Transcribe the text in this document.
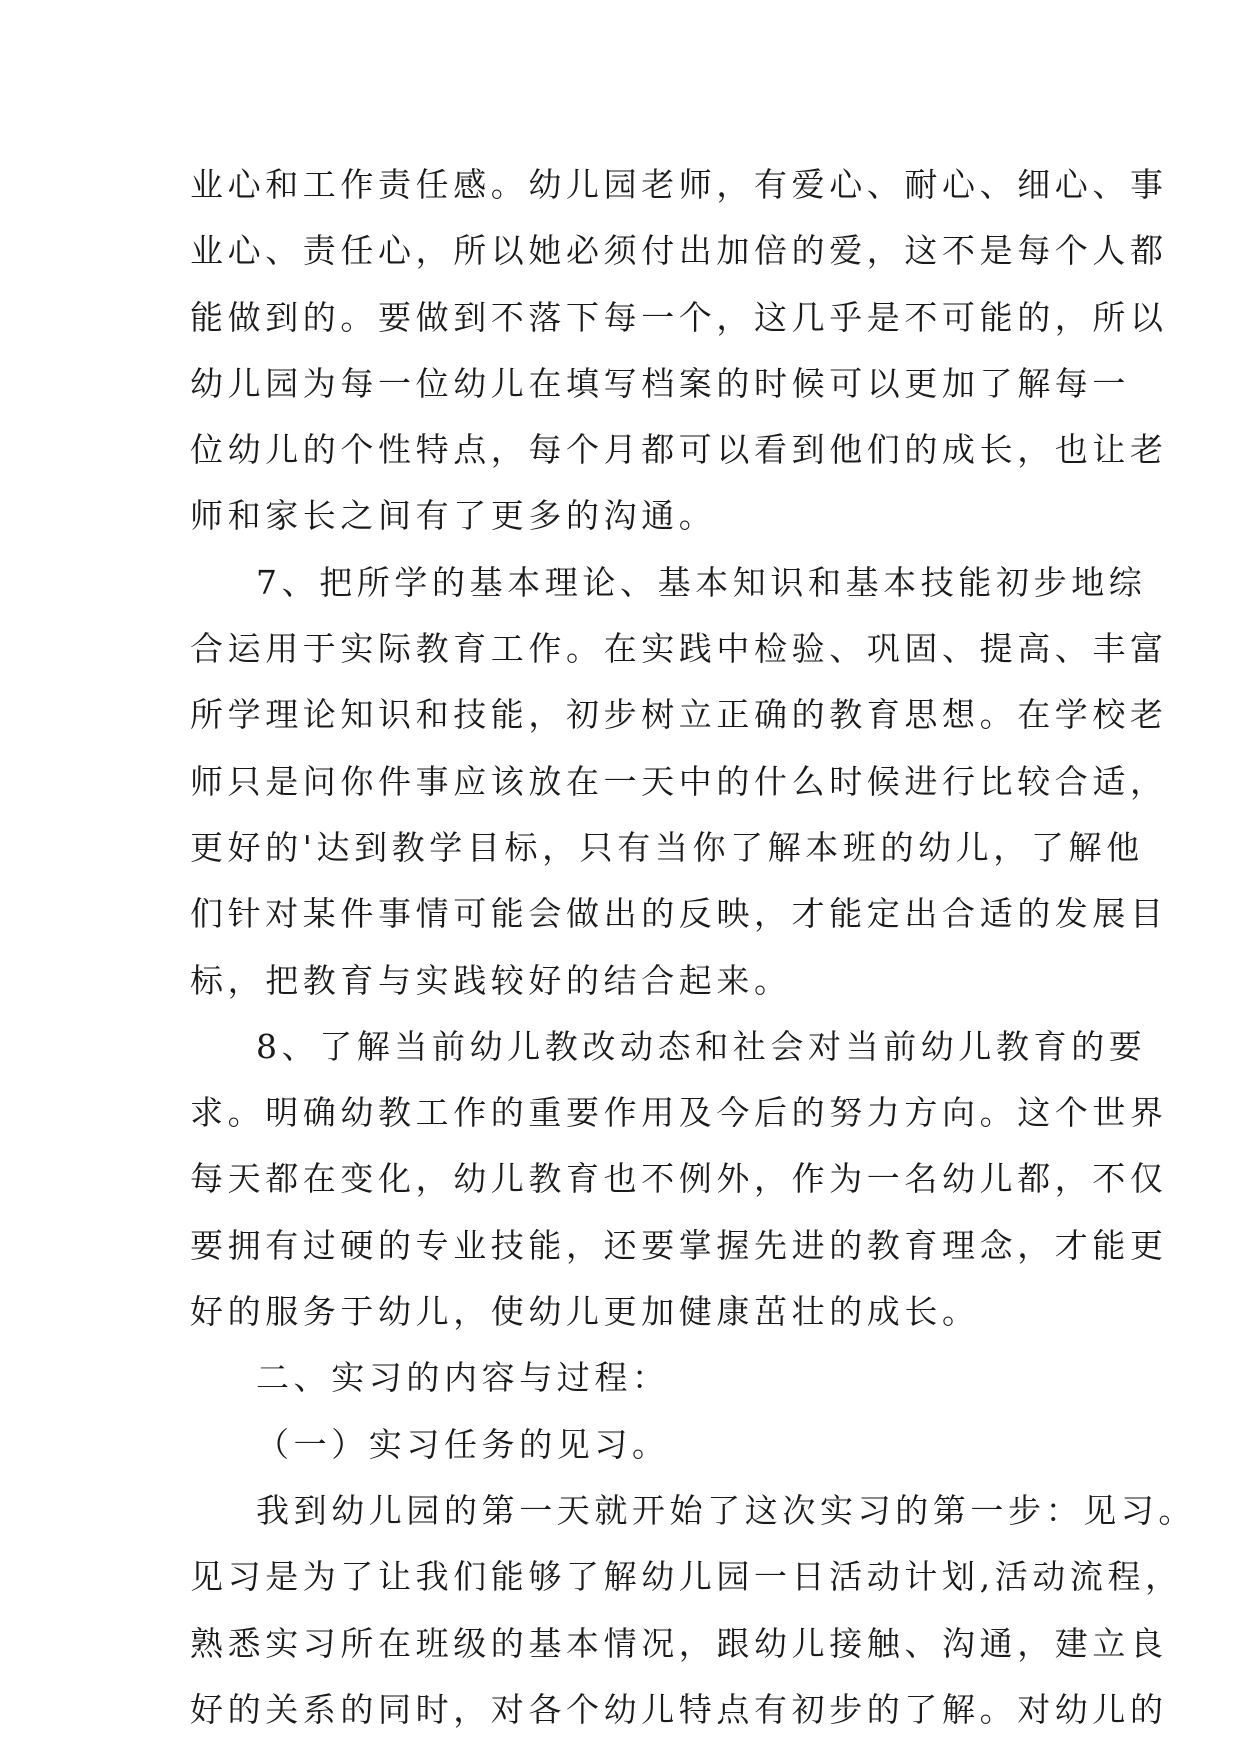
业心和工作责任感。幼儿园老师，有爱心、耐心、细心、事
业心、责任心，所以她必须付出加倍的爱，这不是每个人都
能做到的。要做到不落下每一个，这几乎是不可能的，所以
幼儿园为每一位幼儿在填写档案的时候可以更加了解每一
位幼儿的个性特点，每个月都可以看到他们的成长，也让老
师和家长之间有了更多的沟通。
7、把所学的基本理论、基本知识和基本技能初步地综
合运用于实际教育工作。在实践中检验、巩固、提高、丰富
所学理论知识和技能，初步树立正确的教育思想。在学校老
师只是问你件事应该放在一天中的什么时候进行比较合适，
更好的'达到教学目标，只有当你了解本班的幼儿，了解他
们针对某件事情可能会做出的反映，才能定出合适的发展目
标，把教育与实践较好的结合起来。
8、了解当前幼儿教改动态和社会对当前幼儿教育的要
求。明确幼教工作的重要作用及今后的努力方向。这个世界
每天都在变化，幼儿教育也不例外，作为一名幼儿都，不仅
要拥有过硬的专业技能，还要掌握先进的教育理念，才能更
好的服务于幼儿，使幼儿更加健康茁壮的成长。
二、实习的内容与过程：
（一）实习任务的见习。
我到幼儿园的第一天就开始了这次实习的第一步：见习。
见习是为了让我们能够了解幼儿园一日活动计划,活动流程，
熟悉实习所在班级的基本情况，跟幼儿接触、沟通，建立良
好的关系的同时，对各个幼儿特点有初步的了解。对幼儿的
